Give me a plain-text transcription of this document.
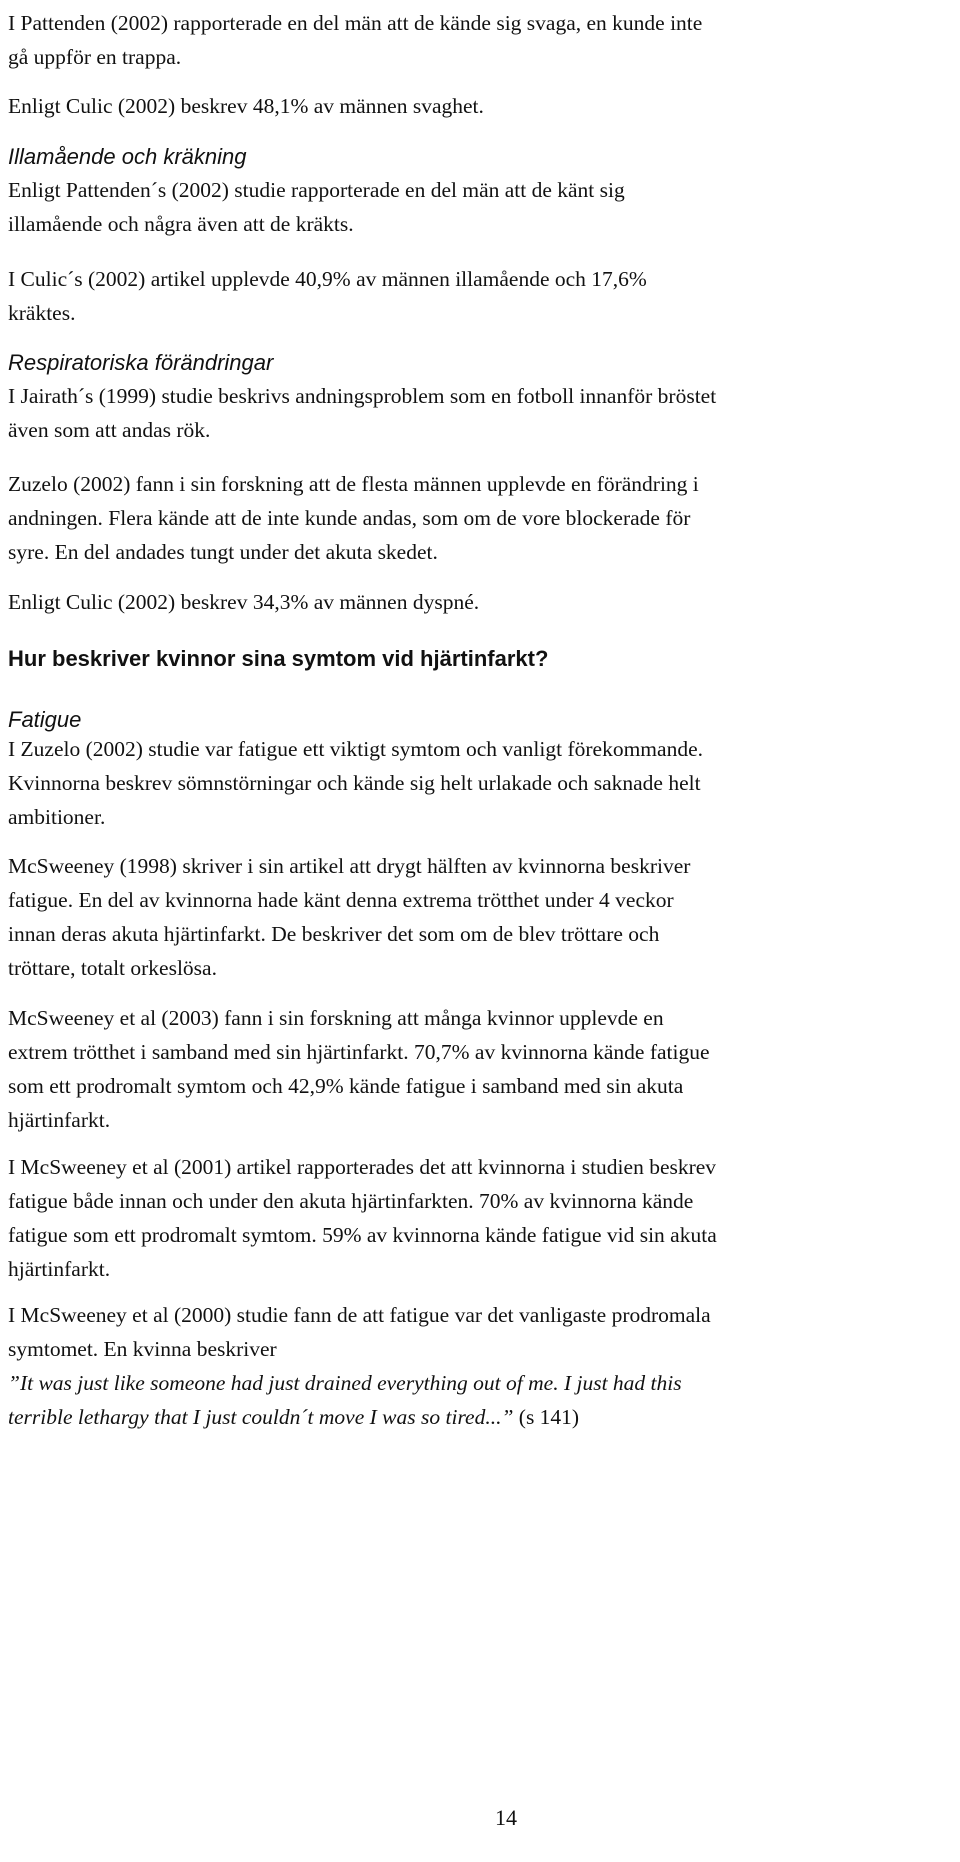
I Pattenden (2002) rapporterade en del män att de kände sig svaga, en kunde inte
gå uppför en trappa.

Enligt Culic (2002) beskrev 48,1% av männen svaghet.

Illamående och kräkning

Enligt Pattenden´s (2002) studie rapporterade en del män att de känt sig
illamående och några även att de kräkts.

I Culic´s (2002) artikel upplevde 40,9% av männen illamående och 17,6%
kräktes.

Respiratoriska förändringar

I Jairath´s (1999) studie beskrivs andningsproblem som en fotboll innanför bröstet
även som att andas rök.

Zuzelo (2002) fann i sin forskning att de flesta männen upplevde en förändring i
andningen. Flera kände att de inte kunde andas, som om de vore blockerade för
syre. En del andades tungt under det akuta skedet.

Enligt Culic (2002) beskrev 34,3% av männen dyspné.

Hur beskriver kvinnor sina symtom vid hjärtinfarkt?

Fatigue

I Zuzelo (2002) studie var fatigue ett viktigt symtom och vanligt förekommande.
Kvinnorna beskrev sömnstörningar och kände sig helt urlakade och saknade helt
ambitioner.

McSweeney (1998) skriver i sin artikel att drygt hälften av kvinnorna beskriver
fatigue. En del av kvinnorna hade känt denna extrema trötthet under 4 veckor
innan deras akuta hjärtinfarkt. De beskriver det som om de blev tröttare och
tröttare, totalt orkeslösa.

McSweeney et al (2003) fann i sin forskning att många kvinnor upplevde en
extrem trötthet i samband med sin hjärtinfarkt. 70,7% av kvinnorna kände fatigue
som ett prodromalt symtom och 42,9% kände fatigue i samband med sin akuta
hjärtinfarkt.

I McSweeney et al (2001) artikel rapporterades det att kvinnorna i studien beskrev
fatigue både innan och under den akuta hjärtinfarkten. 70% av kvinnorna kände
fatigue som ett prodromalt symtom. 59% av kvinnorna kände fatigue vid sin akuta
hjärtinfarkt.

I McSweeney et al (2000) studie fann de att fatigue var det vanligaste prodromala
symtomet. En kvinna beskriver
”It was just like someone had just drained everything out of me. I just had this
terrible lethargy that I just couldn´t move I was so tired...” (s 141)

14
